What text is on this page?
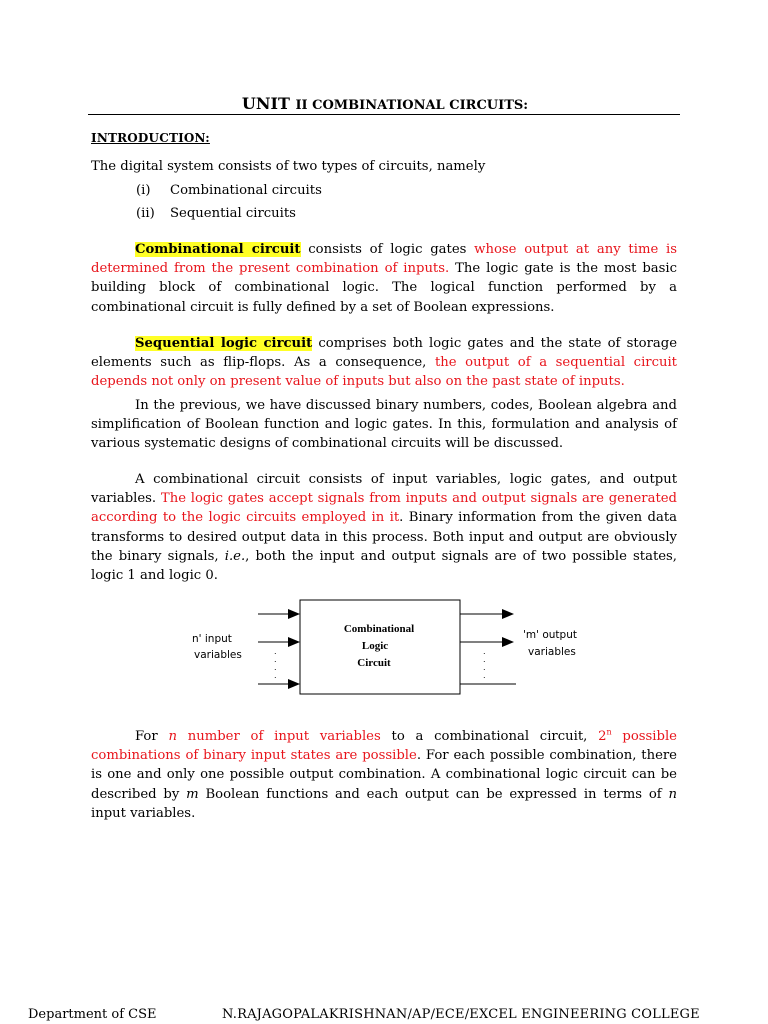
UNIT II COMBINATIONAL CIRCUITS:
INTRODUCTION:
The digital system consists of two types of circuits, namely
(i) Combinational circuits
(ii) Sequential circuits
Combinational circuit consists of logic gates whose output at any time is determined from the present combination of inputs. The logic gate is the most basic building block of combinational logic. The logical function performed by a combinational circuit is fully defined by a set of Boolean expressions.
Sequential logic circuit comprises both logic gates and the state of storage elements such as flip-flops. As a consequence, the output of a sequential circuit depends not only on present value of inputs but also on the past state of inputs.
In the previous, we have discussed binary numbers, codes, Boolean algebra and simplification of Boolean function and logic gates. In this, formulation and analysis of various systematic designs of combinational circuits will be discussed.
A combinational circuit consists of input variables, logic gates, and output variables. The logic gates accept signals from inputs and output signals are generated according to the logic circuits employed in it. Binary information from the given data transforms to desired output data in this process. Both input and output are obviously the binary signals, i.e., both the input and output signals are of two possible states, logic 1 and logic 0.
.
.
.
.
.
.
.
.
Combinational
Logic
Circuit
n' input
variables
'm' output
variables
For n number of input variables to a combinational circuit, 2$^n$ possible combinations of binary input states are possible. For each possible combination, there is one and only one possible output combination. A combinational logic circuit can be described by m Boolean functions and each output can be expressed in terms of n input variables.
Department of CSE	N.RAJAGOPALAKRISHNAN/AP/ECE/EXCEL ENGINEERING COLLEGE
